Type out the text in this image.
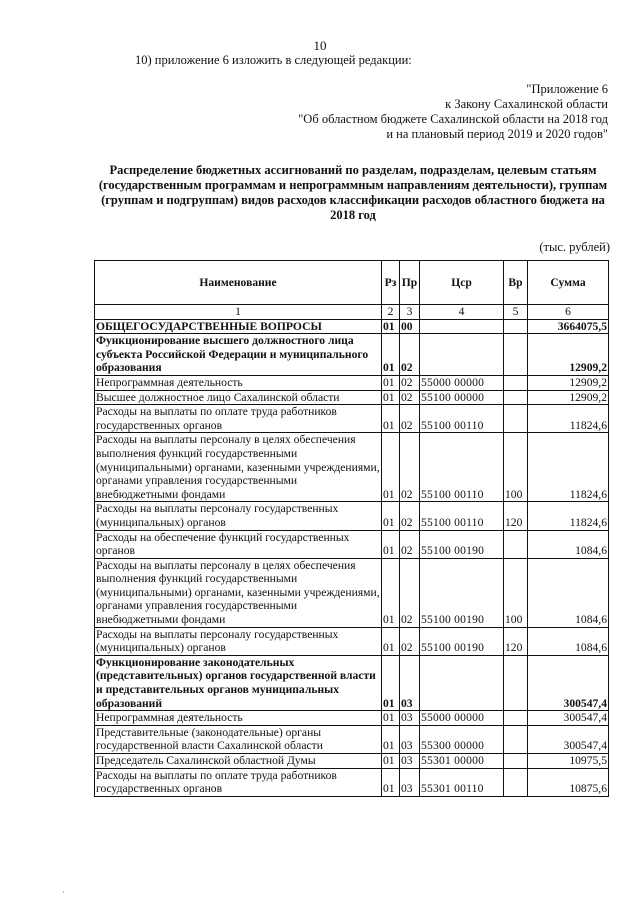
10
10) приложение 6 изложить в следующей редакции:
"Приложение 6
к Закону Сахалинской области
"Об областном бюджете Сахалинской области на 2018 год
и на плановый период 2019 и 2020 годов"
Распределение бюджетных ассигнований по разделам, подразделам, целевым статьям (государственным программам и непрограммным направлениям деятельности), группам (группам и подгруппам) видов расходов классификации расходов областного бюджета на 2018 год
(тыс. рублей)
Наименование	Рз	Пр	Цср	Вр	Сумма
1	2	3	4	5	6
ОБЩЕГОСУДАРСТВЕННЫЕ ВОПРОСЫ	01	00			3664075,5
Функционирование высшего должностного лица субъекта Российской Федерации и муниципального образования	01	02			12909,2
Непрограммная деятельность	01	02	55000 00000		12909,2
Высшее должностное лицо Сахалинской области	01	02	55100 00000		12909,2
Расходы на выплаты по оплате труда работников государственных органов	01	02	55100 00110		11824,6
Расходы на выплаты персоналу в целях обеспечения выполнения функций государственными (муниципальными) органами, казенными учреждениями, органами управления государственными внебюджетными фондами	01	02	55100 00110	100	11824,6
Расходы на выплаты персоналу государственных (муниципальных) органов	01	02	55100 00110	120	11824,6
Расходы на обеспечение функций государственных органов	01	02	55100 00190		1084,6
Расходы на выплаты персоналу в целях обеспечения выполнения функций государственными (муниципальными) органами, казенными учреждениями, органами управления государственными внебюджетными фондами	01	02	55100 00190	100	1084,6
Расходы на выплаты персоналу государственных (муниципальных) органов	01	02	55100 00190	120	1084,6
Функционирование законодательных (представительных) органов государственной власти и представительных органов муниципальных образований	01	03			300547,4
Непрограммная деятельность	01	03	55000 00000		300547,4
Представительные (законодательные) органы государственной власти Сахалинской области	01	03	55300 00000		300547,4
Председатель Сахалинской областной Думы	01	03	55301 00000		10975,5
Расходы на выплаты по оплате труда работников государственных органов	01	03	55301 00110		10875,6
·
